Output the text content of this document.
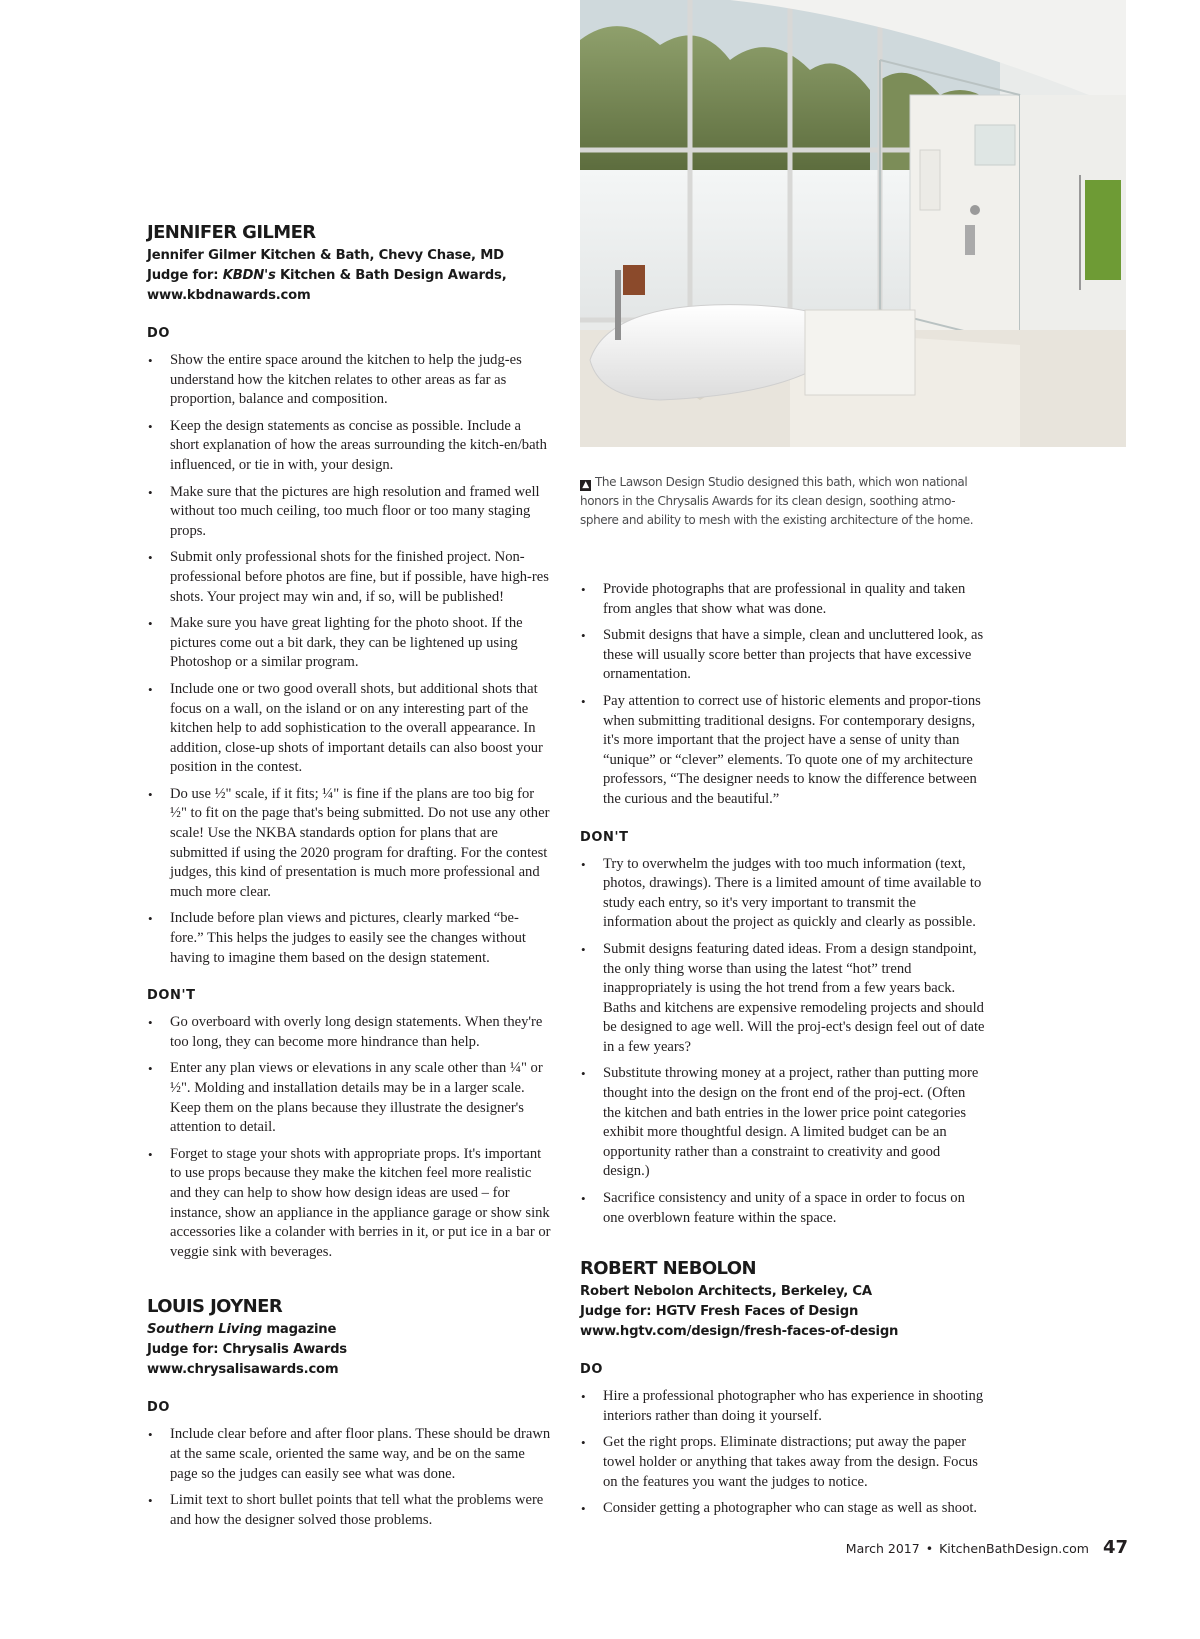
▲ The Lawson Design Studio designed this bath, which won national honors in the Chrysalis Awards for its clean design, soothing atmo-sphere and ability to mesh with the existing architecture of the home.
JENNIFER GILMER
Jennifer Gilmer Kitchen & Bath, Chevy Chase, MD
Judge for: KBDN's Kitchen & Bath Design Awards,
www.kbdnawards.com
DO
• Show the entire space around the kitchen to help the judg-es understand how the kitchen relates to other areas as far as proportion, balance and composition.
• Keep the design statements as concise as possible. Include a short explanation of how the areas surrounding the kitch-en/bath influenced, or tie in with, your design.
• Make sure that the pictures are high resolution and framed well without too much ceiling, too much floor or too many staging props.
• Submit only professional shots for the finished project. Non-professional before photos are fine, but if possible, have high-res shots. Your project may win and, if so, will be published!
• Make sure you have great lighting for the photo shoot. If the pictures come out a bit dark, they can be lightened up using Photoshop or a similar program.
• Include one or two good overall shots, but additional shots that focus on a wall, on the island or on any interesting part of the kitchen help to add sophistication to the overall appearance. In addition, close-up shots of important details can also boost your position in the contest.
• Do use ½" scale, if it fits; ¼" is fine if the plans are too big for ½" to fit on the page that's being submitted. Do not use any other scale! Use the NKBA standards option for plans that are submitted if using the 2020 program for drafting. For the contest judges, this kind of presentation is much more professional and much more clear.
• Include before plan views and pictures, clearly marked “be-fore.” This helps the judges to easily see the changes without having to imagine them based on the design statement.
DON'T
• Go overboard with overly long design statements. When they're too long, they can become more hindrance than help.
• Enter any plan views or elevations in any scale other than ¼" or ½". Molding and installation details may be in a larger scale. Keep them on the plans because they illustrate the designer's attention to detail.
• Forget to stage your shots with appropriate props. It's important to use props because they make the kitchen feel more realistic and they can help to show how design ideas are used – for instance, show an appliance in the appliance garage or show sink accessories like a colander with berries in it, or put ice in a bar or veggie sink with beverages.
LOUIS JOYNER
Southern Living magazine
Judge for: Chrysalis Awards
www.chrysalisawards.com
DO
• Include clear before and after floor plans. These should be drawn at the same scale, oriented the same way, and be on the same page so the judges can easily see what was done.
• Limit text to short bullet points that tell what the problems were and how the designer solved those problems.
• Provide photographs that are professional in quality and taken from angles that show what was done.
• Submit designs that have a simple, clean and uncluttered look, as these will usually score better than projects that have excessive ornamentation.
• Pay attention to correct use of historic elements and propor-tions when submitting traditional designs. For contemporary designs, it's more important that the project have a sense of unity than “unique” or “clever” elements. To quote one of my architecture professors, “The designer needs to know the difference between the curious and the beautiful.”
DON'T
• Try to overwhelm the judges with too much information (text, photos, drawings). There is a limited amount of time available to study each entry, so it's very important to transmit the information about the project as quickly and clearly as possible.
• Submit designs featuring dated ideas. From a design standpoint, the only thing worse than using the latest “hot” trend inappropriately is using the hot trend from a few years back. Baths and kitchens are expensive remodeling projects and should be designed to age well. Will the proj-ect's design feel out of date in a few years?
• Substitute throwing money at a project, rather than putting more thought into the design on the front end of the proj-ect. (Often the kitchen and bath entries in the lower price point categories exhibit more thoughtful design. A limited budget can be an opportunity rather than a constraint to creativity and good design.)
• Sacrifice consistency and unity of a space in order to focus on one overblown feature within the space.
ROBERT NEBOLON
Robert Nebolon Architects, Berkeley, CA
Judge for: HGTV Fresh Faces of Design
www.hgtv.com/design/fresh-faces-of-design
DO
• Hire a professional photographer who has experience in shooting interiors rather than doing it yourself.
• Get the right props. Eliminate distractions; put away the paper towel holder or anything that takes away from the design. Focus on the features you want the judges to notice.
• Consider getting a photographer who can stage as well as shoot.
March 2017 • KitchenBathDesign.com 47
